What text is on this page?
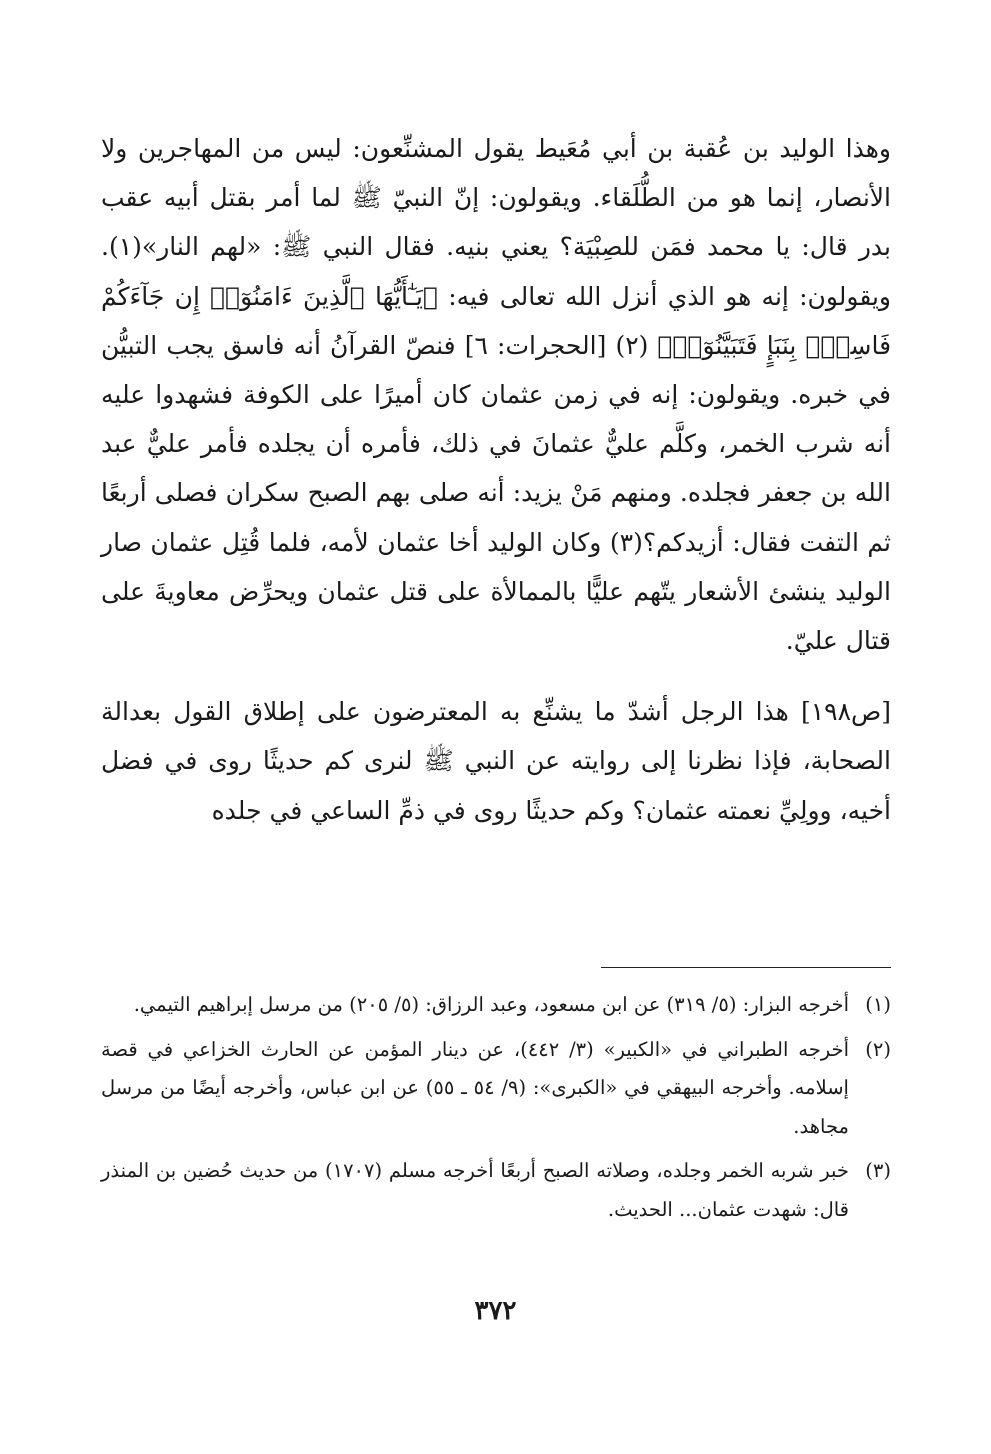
وهذا الوليد بن عُقبة بن أبي مُعَيط يقول المشنِّعون: ليس من المهاجرين ولا الأنصار، إنما هو من الطُّلَقاء. ويقولون: إنّ النبيّ ﷺ لما أمر بقتل أبيه عقب بدر قال: يا محمد فمَن للصِبْيَة؟ يعني بنيه. فقال النبي ﷺ: «لهم النار»(١). ويقولون: إنه هو الذي أنزل الله تعالى فيه: ﴿يَـٰٓأَيُّهَا ٱلَّذِينَ ءَامَنُوٓا۟ إِن جَآءَكُمْ فَاسِقٌۢ بِنَبَإٍ فَتَبَيَّنُوٓا۟﴾ (٢) [الحجرات: ٦] فنصّ القرآنُ أنه فاسق يجب التبيُّن في خبره. ويقولون: إنه في زمن عثمان كان أميرًا على الكوفة فشهدوا عليه أنه شرب الخمر، وكلَّم عليٌّ عثمانَ في ذلك، فأمره أن يجلده فأمر عليٌّ عبد الله بن جعفر فجلده. ومنهم مَنْ يزيد: أنه صلى بهم الصبح سكران فصلى أربعًا ثم التفت فقال: أزيدكم؟(٣) وكان الوليد أخا عثمان لأمه، فلما قُتِل عثمان صار الوليد ينشئ الأشعار يتّهم عليًّا بالممالأة على قتل عثمان ويحرِّض معاويةَ على قتال عليّ.

[ص١٩٨] هذا الرجل أشدّ ما يشنِّع به المعترضون على إطلاق القول بعدالة الصحابة، فإذا نظرنا إلى روايته عن النبي ﷺ لنرى كم حديثًا روى في فضل أخيه، وولِيِّ نعمته عثمان؟ وكم حديثًا روى في ذمِّ الساعي في جلده

(١)
أخرجه البزار: (٥/ ٣١٩) عن ابن مسعود، وعبد الرزاق: (٥/ ٢٠٥) من مرسل إبراهيم التيمي.
(٢)
أخرجه الطبراني في «الكبير» (٣/ ٤٤٢)، عن دينار المؤمن عن الحارث الخزاعي في قصة إسلامه. وأخرجه البيهقي في «الكبرى»: (٩/ ٥٤ ـ ٥٥) عن ابن عباس، وأخرجه أيضًا من مرسل مجاهد.
(٣)
خبر شربه الخمر وجلده، وصلاته الصبح أربعًا أخرجه مسلم (١٧٠٧) من حديث حُضين بن المنذر قال: شهدت عثمان... الحديث.
٣٧٢
